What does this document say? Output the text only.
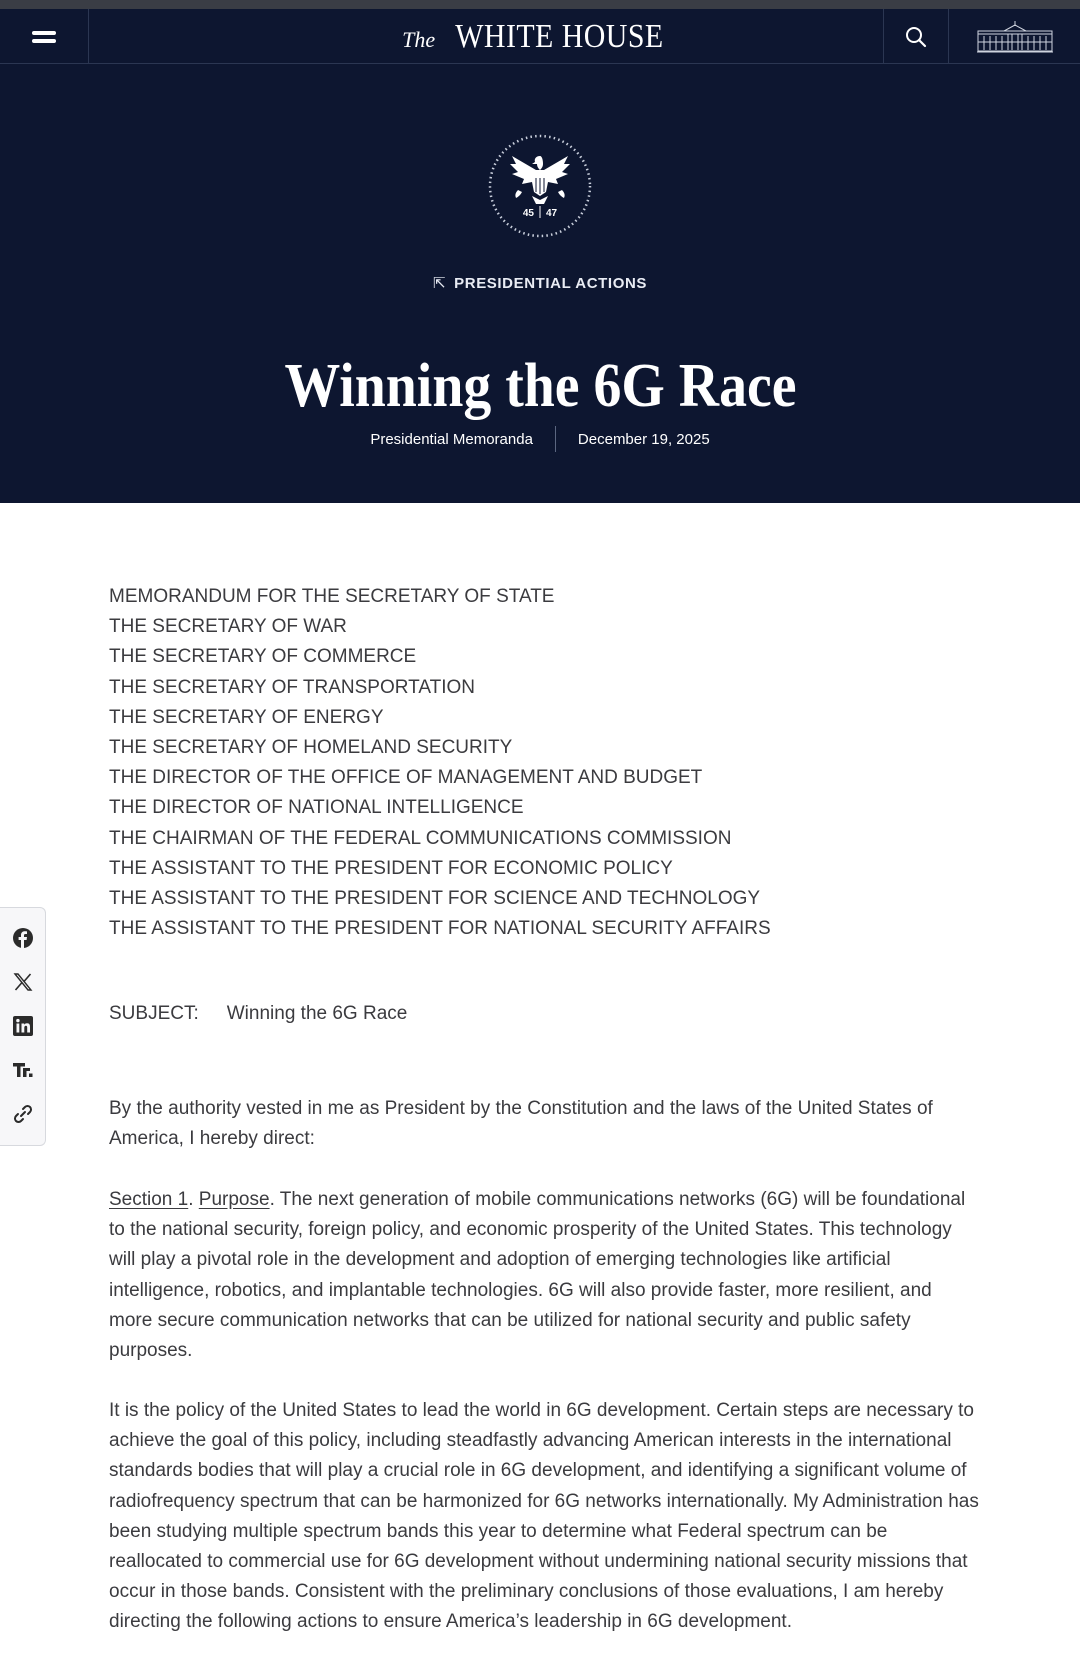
The WHITE HOUSE
45 47
⇱ PRESIDENTIAL ACTIONS
Winning the 6G Race
Presidential Memoranda	December 19, 2025
MEMORANDUM FOR THE SECRETARY OF STATE
THE SECRETARY OF WAR
THE SECRETARY OF COMMERCE
THE SECRETARY OF TRANSPORTATION
THE SECRETARY OF ENERGY
THE SECRETARY OF HOMELAND SECURITY
THE DIRECTOR OF THE OFFICE OF MANAGEMENT AND BUDGET
THE DIRECTOR OF NATIONAL INTELLIGENCE
THE CHAIRMAN OF THE FEDERAL COMMUNICATIONS COMMISSION
THE ASSISTANT TO THE PRESIDENT FOR ECONOMIC POLICY
THE ASSISTANT TO THE PRESIDENT FOR SCIENCE AND TECHNOLOGY
THE ASSISTANT TO THE PRESIDENT FOR NATIONAL SECURITY AFFAIRS
SUBJECT: Winning the 6G Race

By the authority vested in me as President by the Constitution and the laws of the United States of America, I hereby direct:

Section 1. Purpose. The next generation of mobile communications networks (6G) will be foundational to the national security, foreign policy, and economic prosperity of the United States. This technology will play a pivotal role in the development and adoption of emerging technologies like artificial intelligence, robotics, and implantable technologies. 6G will also provide faster, more resilient, and more secure communication networks that can be utilized for national security and public safety purposes.

It is the policy of the United States to lead the world in 6G development. Certain steps are necessary to achieve the goal of this policy, including steadfastly advancing American interests in the international standards bodies that will play a crucial role in 6G development, and identifying a significant volume of radiofrequency spectrum that can be harmonized for 6G networks internationally. My Administration has been studying multiple spectrum bands this year to determine what Federal spectrum can be reallocated to commercial use for 6G development without undermining national security missions that occur in those bands. Consistent with the preliminary conclusions of those evaluations, I am hereby directing the following actions to ensure America’s leadership in 6G development.
